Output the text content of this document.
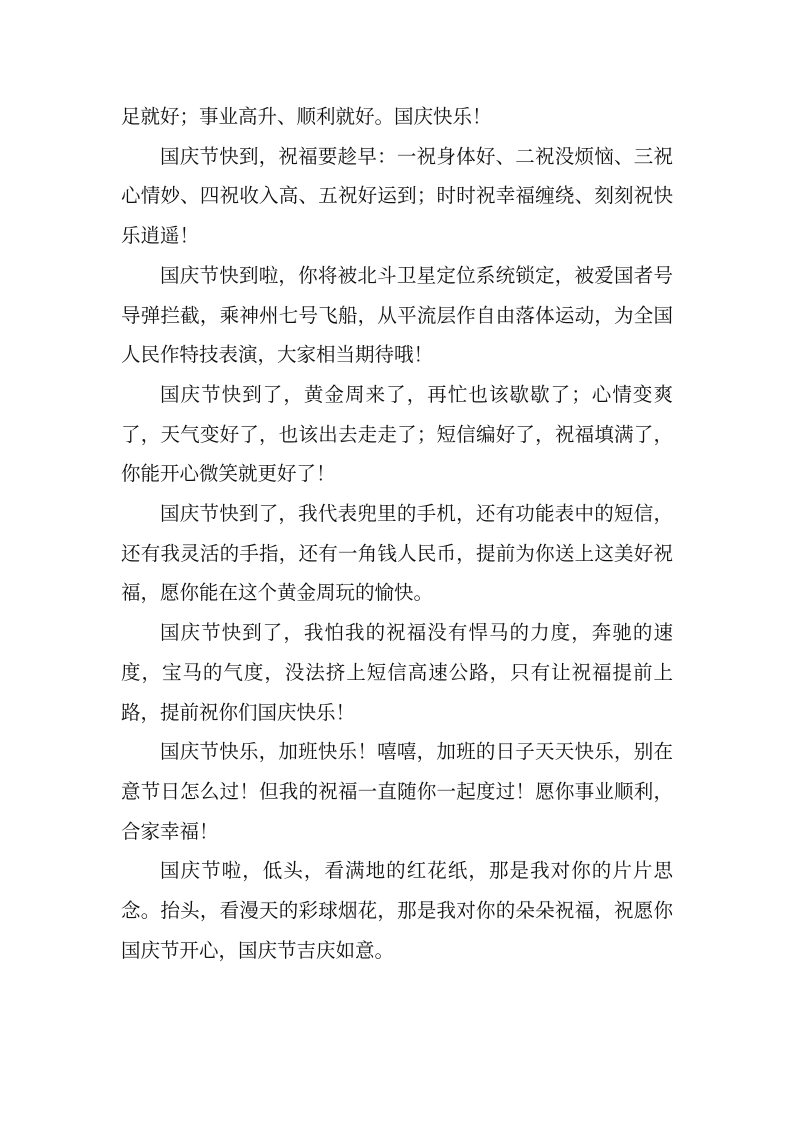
足就好；事业高升、顺利就好。国庆快乐！

国庆节快到，祝福要趁早：一祝身体好、二祝没烦恼、三祝心情妙、四祝收入高、五祝好运到；时时祝幸福缠绕、刻刻祝快乐逍遥！

国庆节快到啦，你将被北斗卫星定位系统锁定，被爱国者号导弹拦截，乘神州七号飞船，从平流层作自由落体运动，为全国人民作特技表演，大家相当期待哦！

国庆节快到了，黄金周来了，再忙也该歇歇了；心情变爽了，天气变好了，也该出去走走了；短信编好了，祝福填满了，你能开心微笑就更好了！

国庆节快到了，我代表兜里的手机，还有功能表中的短信，还有我灵活的手指，还有一角钱人民币，提前为你送上这美好祝福，愿你能在这个黄金周玩的愉快。

国庆节快到了，我怕我的祝福没有悍马的力度，奔驰的速度，宝马的气度，没法挤上短信高速公路，只有让祝福提前上路，提前祝你们国庆快乐！

国庆节快乐，加班快乐！嘻嘻，加班的日子天天快乐，别在意节日怎么过！但我的祝福一直随你一起度过！愿你事业顺利，合家幸福！

国庆节啦，低头，看满地的红花纸，那是我对你的片片思念。抬头，看漫天的彩球烟花，那是我对你的朵朵祝福，祝愿你国庆节开心，国庆节吉庆如意。
